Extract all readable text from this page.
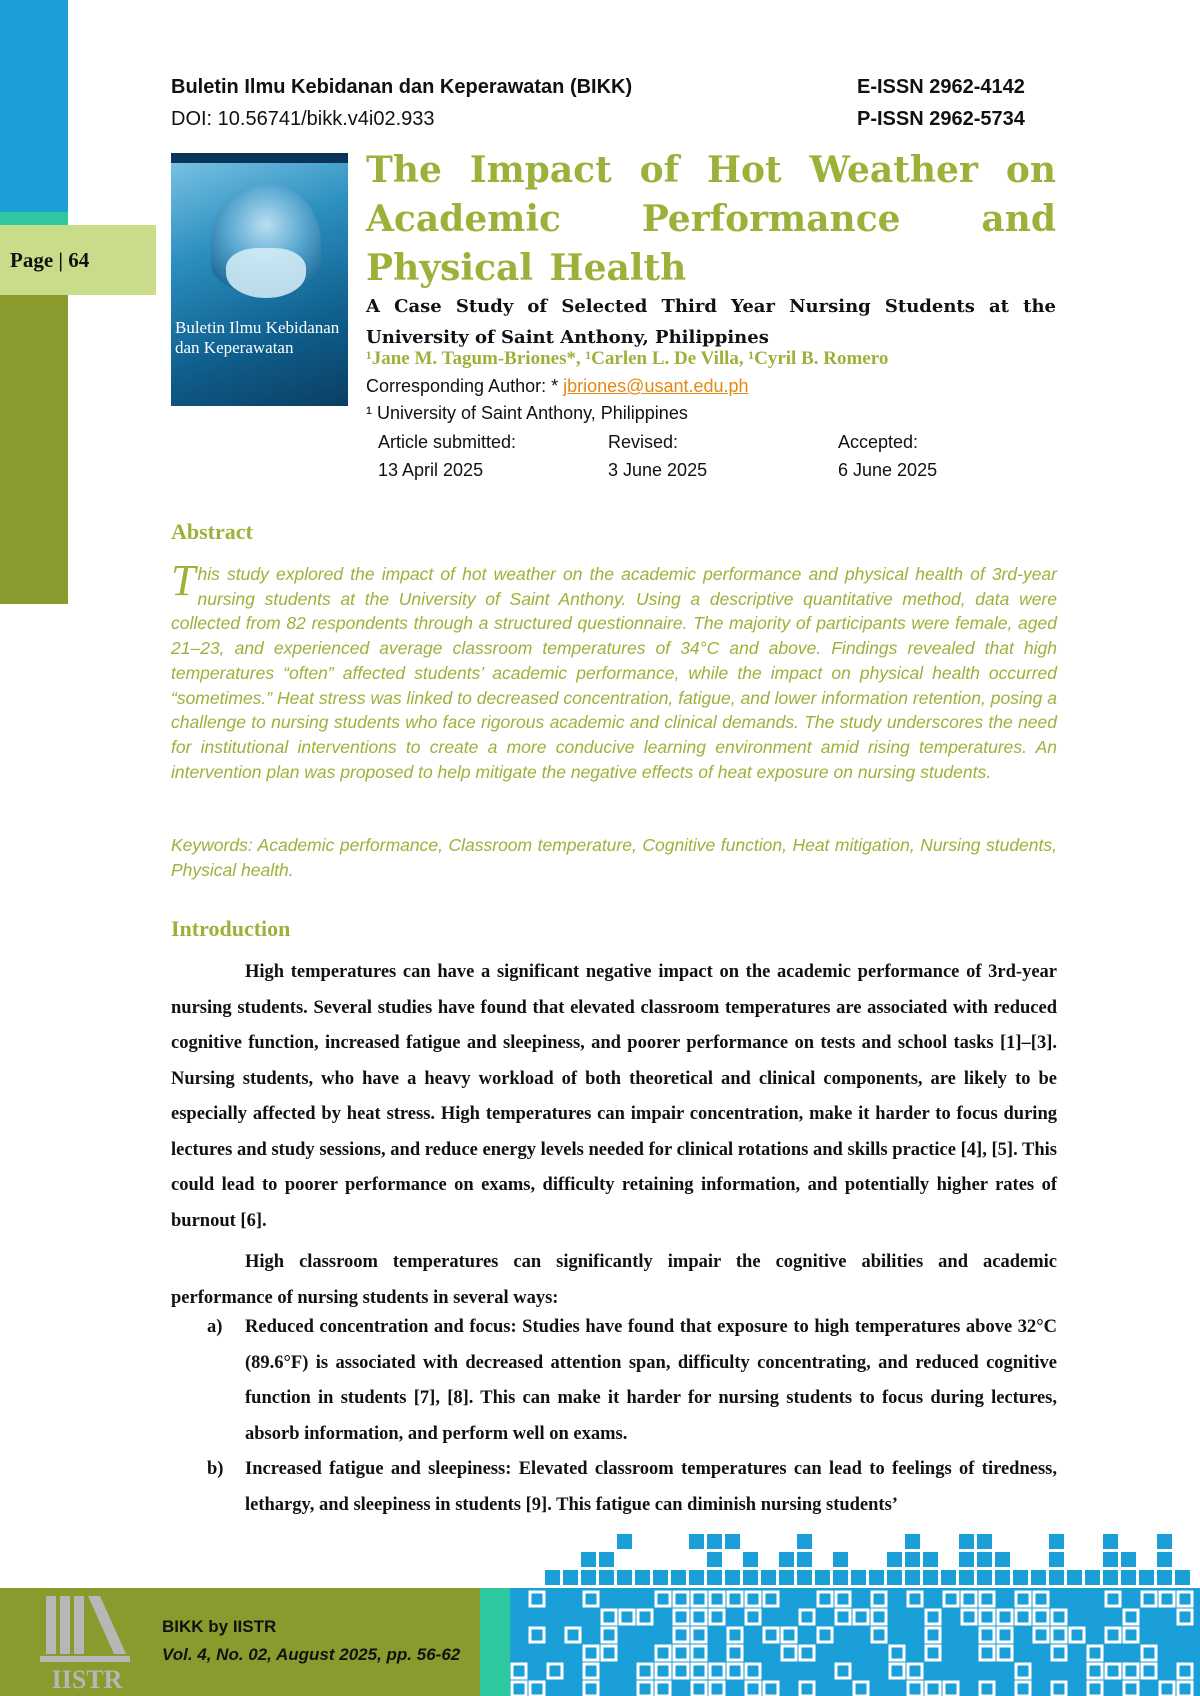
Page | 64
Buletin Ilmu Kebidanan dan Keperawatan (BIKK)
DOI: 10.56741/bikk.v4i02.933
E-ISSN 2962-4142
P-ISSN 2962-5734
Buletin Ilmu Kebidanan dan Keperawatan
The Impact of Hot Weather on Academic Performance and Physical Health

A Case Study of Selected Third Year Nursing Students at the University of Saint Anthony, Philippines

¹Jane M. Tagum-Briones*, ¹Carlen L. De Villa, ¹Cyril B. Romero
Corresponding Author: * jbriones@usant.edu.ph
¹ University of Saint Anthony, Philippines
Article submitted:
13 April 2025
Revised:
3 June 2025
Accepted:
6 June 2025
Abstract

This study explored the impact of hot weather on the academic performance and physical health of 3rd-year nursing students at the University of Saint Anthony. Using a descriptive quantitative method, data were collected from 82 respondents through a structured questionnaire. The majority of participants were female, aged 21–23, and experienced average classroom temperatures of 34°C and above. Findings revealed that high temperatures “often” affected students’ academic performance, while the impact on physical health occurred “sometimes.” Heat stress was linked to decreased concentration, fatigue, and lower information retention, posing a challenge to nursing students who face rigorous academic and clinical demands. The study underscores the need for institutional interventions to create a more conducive learning environment amid rising temperatures. An intervention plan was proposed to help mitigate the negative effects of heat exposure on nursing students.

Keywords: Academic performance, Classroom temperature, Cognitive function, Heat mitigation, Nursing students, Physical health.

Introduction

High temperatures can have a significant negative impact on the academic performance of 3rd-year nursing students. Several studies have found that elevated classroom temperatures are associated with reduced cognitive function, increased fatigue and sleepiness, and poorer performance on tests and school tasks [1]–[3]. Nursing students, who have a heavy workload of both theoretical and clinical components, are likely to be especially affected by heat stress. High temperatures can impair concentration, make it harder to focus during lectures and study sessions, and reduce energy levels needed for clinical rotations and skills practice [4], [5]. This could lead to poorer performance on exams, difficulty retaining information, and potentially higher rates of burnout [6].

High classroom temperatures can significantly impair the cognitive abilities and academic performance of nursing students in several ways:

a) Reduced concentration and focus: Studies have found that exposure to high temperatures above 32°C (89.6°F) is associated with decreased attention span, difficulty concentrating, and reduced cognitive function in students [7], [8]. This can make it harder for nursing students to focus during lectures, absorb information, and perform well on exams.
b) Increased fatigue and sleepiness: Elevated classroom temperatures can lead to feelings of tiredness, lethargy, and sleepiness in students [9]. This fatigue can diminish nursing students’
IISTR
BIKK by IISTR
Vol. 4, No. 02, August 2025, pp. 56-62
